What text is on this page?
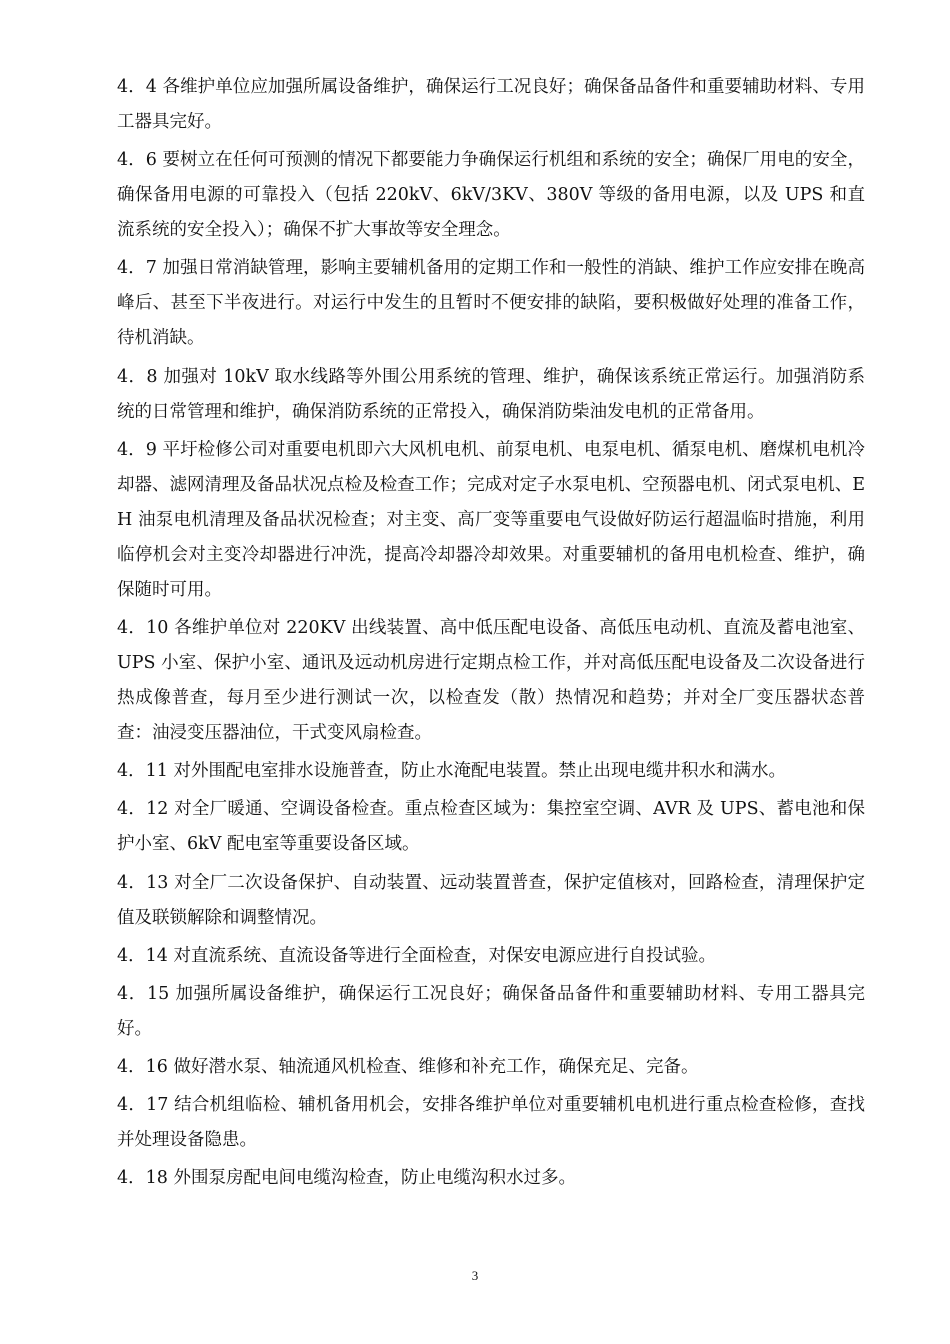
4．4 各维护单位应加强所属设备维护，确保运行工况良好；确保备品备件和重要辅助材料、专用工器具完好。

4．6 要树立在任何可预测的情况下都要能力争确保运行机组和系统的安全；确保厂用电的安全，确保备用电源的可靠投入（包括 220kV、6kV/3KV、380V 等级的备用电源，以及 UPS 和直流系统的安全投入）；确保不扩大事故等安全理念。

4．7 加强日常消缺管理，影响主要辅机备用的定期工作和一般性的消缺、维护工作应安排在晚高峰后、甚至下半夜进行。对运行中发生的且暂时不便安排的缺陷，要积极做好处理的准备工作，待机消缺。

4．8 加强对 10kV 取水线路等外围公用系统的管理、维护，确保该系统正常运行。加强消防系统的日常管理和维护，确保消防系统的正常投入，确保消防柴油发电机的正常备用。

4．9 平圩检修公司对重要电机即六大风机电机、前泵电机、电泵电机、循泵电机、磨煤机电机冷却器、滤网清理及备品状况点检及检查工作；完成对定子水泵电机、空预器电机、闭式泵电机、EH 油泵电机清理及备品状况检查；对主变、高厂变等重要电气设做好防运行超温临时措施，利用临停机会对主变冷却器进行冲洗，提高冷却器冷却效果。对重要辅机的备用电机检查、维护，确保随时可用。

4．10 各维护单位对 220KV 出线装置、高中低压配电设备、高低压电动机、直流及蓄电池室、UPS 小室、保护小室、通讯及远动机房进行定期点检工作，并对高低压配电设备及二次设备进行热成像普查，每月至少进行测试一次，以检查发（散）热情况和趋势；并对全厂变压器状态普查：油浸变压器油位，干式变风扇检查。

4．11 对外围配电室排水设施普查，防止水淹配电装置。禁止出现电缆井积水和满水。

4．12 对全厂暖通、空调设备检查。重点检查区域为：集控室空调、AVR 及 UPS、蓄电池和保护小室、6kV 配电室等重要设备区域。

4．13 对全厂二次设备保护、自动装置、远动装置普查，保护定值核对，回路检查，清理保护定值及联锁解除和调整情况。

4．14 对直流系统、直流设备等进行全面检查，对保安电源应进行自投试验。

4．15 加强所属设备维护，确保运行工况良好；确保备品备件和重要辅助材料、专用工器具完好。

4．16 做好潜水泵、轴流通风机检查、维修和补充工作，确保充足、完备。

4．17 结合机组临检、辅机备用机会，安排各维护单位对重要辅机电机进行重点检查检修，查找并处理设备隐患。

4．18 外围泵房配电间电缆沟检查，防止电缆沟积水过多。

3
